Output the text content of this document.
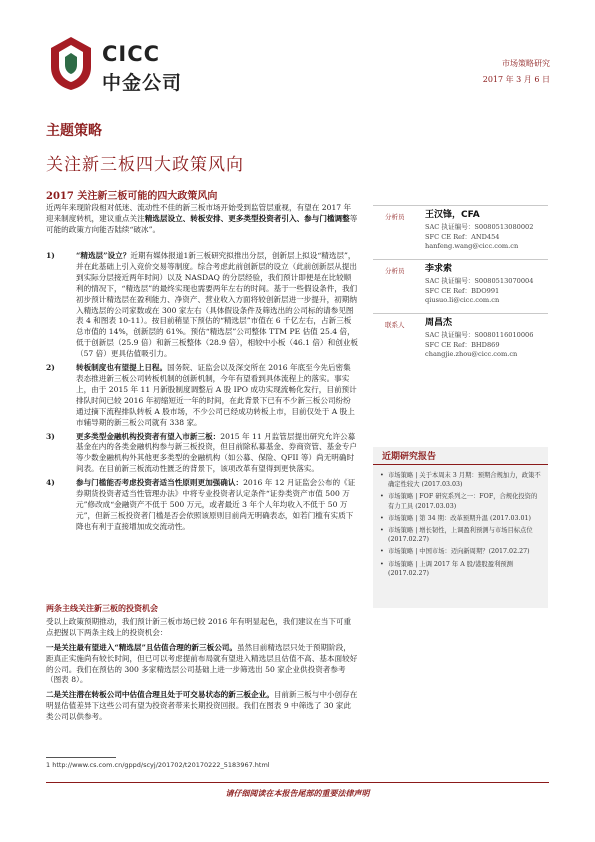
CICC
中金公司
市场策略研究
2017 年 3 月 6 日
主题策略
关注新三板四大政策风向
2017 关注新三板可能的四大政策风向

近两年来现阶段相对低迷、流动性不佳的新三板市场开始受到监管层重视，有望在 2017 年迎来制度转机，建议重点关注精选层设立、转板安排、更多类型投资者引入、参与门槛调整等可能的政策方向能否陆续“破冰”。

1)	“精选层”设立？近期有媒体报道1新三板研究拟推出分层，创新层上拟设“精选层”，并在此基础上引入竞价交易等制度。综合考虑此前创新层的设立（此前创新层从提出到实际分层接近两年时间）以及 NASDAQ 的分层经验，我们预计即便是在比较顺利的情况下，“精选层”的最终实现也需要两年左右的时间。基于一些假设条件，我们初步预计精选层在盈利能力、净资产、营业收入方面将较创新层进一步提升，初期纳入精选层的公司家数或在 300 家左右（具体假设条件及筛选出的公司标的请参见图表 4 和图表 10-11）。按目前稍显下预估的“精选层”市值在 6 千亿左右，占新三板总市值的 14%，创新层的 61%。预估“精选层”公司整体 TTM PE 估值 25.4 倍，低于创新层（25.9 倍）和新三板整体（28.9 倍），相较中小板（46.1 倍）和创业板（57 倍）更具估值吸引力。
2)	转板制度也有望提上日程。国务院、证监会以及深交所在 2016 年底至今先后密集表态推进新三板公司转板机制的创新机制，今年有望看到具体流程上的落实。事实上，由于 2015 年 11 月新股制度调整后 A 股 IPO 成功实现流畅化发行，目前预计排队时间已较 2016 年初缩短近一年的时间，在此背景下已有不少新三板公司纷纷通过摘下流程排队转板 A 股市场，不少公司已经成功转板上市，目前仅处于 A 股上市辅导期的新三板公司就有 338 家。
3)	更多类型金融机构投资者有望入市新三板：2015 年 11 月监管层提出研究允许公募基金在内的各类金融机构参与新三板投资，但目前除私募基金、券商资管、基金专户等少数金融机构外其他更多类型的金融机构（如公募、保险、QFII 等）尚无明确时间表。在目前新三板流动性匮乏的背景下，该项改革有望得到更快落实。
4)	参与门槛能否考虑投资者适当性原则更加强确认：2016 年 12 月证监会公布的《证券期货投资者适当性管理办法》中将专业投资者认定条件“证券类资产市值 500 万元”修改成“金融资产不低于 500 万元，或者最近 3 年个人年均收入不低于 50 万元”，但新三板投资者门槛是否会依照该原则目前尚无明确表态，如若门槛有实质下降也有利于直接增加成交流动性。

两条主线关注新三板的投资机会

受以上政策预期推动，我们预计新三板市场已较 2016 年有明显起色，我们建议在当下可重点把握以下两条主线上的投资机会：

一是关注最有望进入“精选层”且估值合理的新三板公司。虽然目前精选层只处于预期阶段，距真正实施尚有较长时间，但已可以考虑提前布局就有望进入精选层且估值不高、基本面较好的公司。我们在预估的 300 多家精选层公司基础上进一步筛选出 50 家企业供投资者参考（图表 8）。

二是关注潜在转板公司中估值合理且处于可交易状态的新三板企业。目前新三板与中小创存在明显估值差异下这些公司有望为投资者带来长期投资回报。我们在图表 9 中筛选了 30 家此类公司以供参考。

分析员 王汉锋，CFA
SAC 执证编号：S0080513080002
SFC CE Ref：AND454
hanfeng.wang@cicc.com.cn
分析员 李求索
SAC 执证编号：S0080513070004
SFC CE Ref：BDO991
qiusuo.li@cicc.com.cn
联系人 周昌杰
SAC 执证编号：S0080116010006
SFC CE Ref：BHD869
changjie.zhou@cicc.com.cn
近期研究报告
• 市场策略 | 关于本周末 3 月期：预期合规加力，政策不确定性较大 (2017.03.03)
• 市场策略 | FOF 研究系列之一：FOF，合规化投资的有力工具 (2017.03.03)
• 市场策略 | 第 34 期：改革预期升温 (2017.03.01)
• 市场策略 | 增长韧性，上调盈利预测与市场目标点位 (2017.02.27)
• 市场策略 | 中国市场：迈向新周期？(2017.02.27)
• 市场策略 | 上调 2017 年 A 股/港股盈利预测 (2017.02.27)
1 http://www.cs.com.cn/gppd/scyj/201702/t20170222_5183967.html
请仔细阅读在本报告尾部的重要法律声明
